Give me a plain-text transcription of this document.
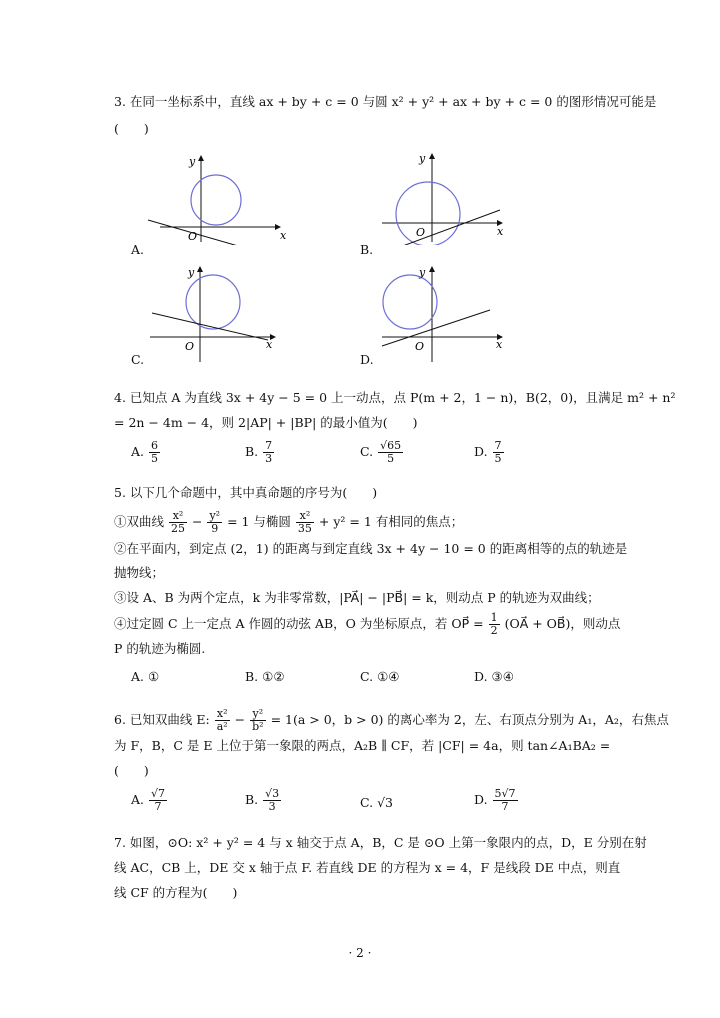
3. 在同一坐标系中，直线 ax + by + c = 0 与圆 x² + y² + ax + by + c = 0 的图形情况可能是
(　　)
x
y
O
A.
x
y
O
B.
x
y
O
C.
x
y
O
D.
4. 已知点 A 为直线 3x + 4y − 5 = 0 上一动点，点 P(m + 2，1 − n)，B(2，0)，且满足 m² + n²
= 2n − 4m − 4，则 2|AP| + |BP| 的最小值为(　　)
A. $\frac{6}{5}$	B. $\frac{7}{3}$	C. $\frac{√65}{5}$	D. $\frac{7}{5}$
5. 以下几个命题中，其中真命题的序号为(　　)
①双曲线 $\frac{\text{x²}}{25} - \frac{\text{y²}}{9} = 1$ 与椭圆 $\frac{\text{x²}}{35} + y^2 = 1$ 有相同的焦点；
②在平面内，到定点 (2，1) 的距离与到定直线 3x + 4y − 10 = 0 的距离相等的点的轨迹是
抛物线；
③设 A、B 为两个定点，k 为非零常数，|PA⃗| − |PB⃗| = k，则动点 P 的轨迹为双曲线；
④过定圆 C 上一定点 A 作圆的动弦 AB，O 为坐标原点，若 OP⃗ = $\frac{1}{2}$ (OA⃗ + OB⃗)，则动点
P 的轨迹为椭圆.
A. ①	B. ①②	C. ①④	D. ③④
6. 已知双曲线 E: $\frac{\text{x²}}{\text{a²}} - \frac{\text{y²}}{\text{b²}} = 1(a > 0$，b > 0) 的离心率为 2，左、右顶点分别为 A₁，A₂，右焦点
为 F，B，C 是 E 上位于第一象限的两点，A₂B ∥ CF，若 |CF| = 4a，则 tan∠A₁BA₂ =
(　　)
A. $\frac{√7}{7}$	B. $\frac{√3}{3}$	C. √3	D. $\frac{5√7}{7}$
7. 如图，⊙O: x² + y² = 4 与 x 轴交于点 A，B，C 是 ⊙O 上第一象限内的点，D，E 分别在射
线 AC，CB 上，DE 交 x 轴于点 F. 若直线 DE 的方程为 x = 4，F 是线段 DE 中点，则直
线 CF 的方程为(　　)
· 2 ·
